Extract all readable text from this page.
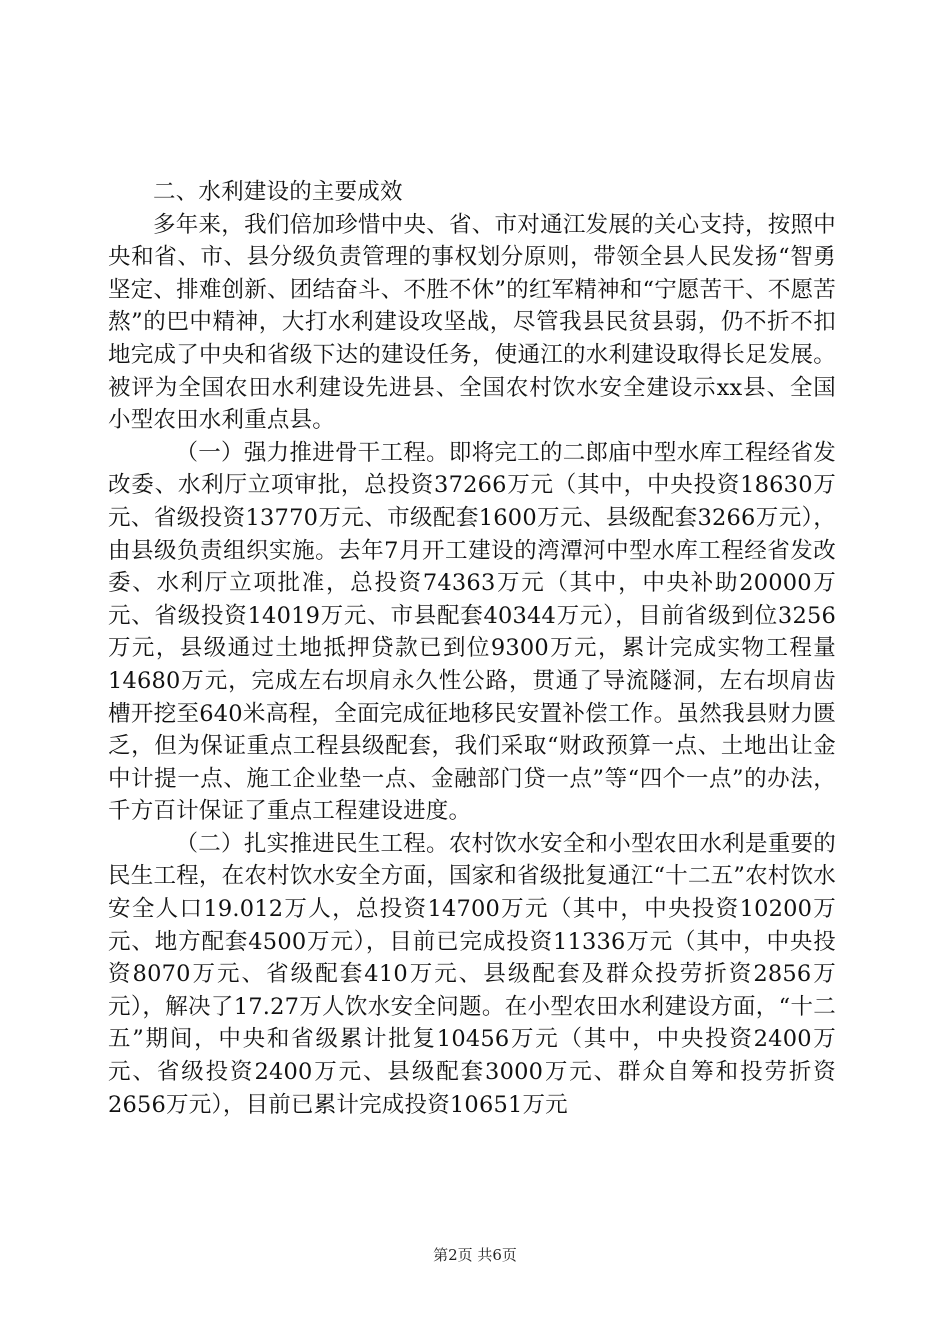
二、水利建设的主要成效

多年来，我们倍加珍惜中央、省、市对通江发展的关心支持，按照中央和省、市、县分级负责管理的事权划分原则，带领全县人民发扬“智勇坚定、排难创新、团结奋斗、不胜不休”的红军精神和“宁愿苦干、不愿苦熬”的巴中精神，大打水利建设攻坚战，尽管我县民贫县弱，仍不折不扣地完成了中央和省级下达的建设任务，使通江的水利建设取得长足发展。被评为全国农田水利建设先进县、全国农村饮水安全建设示xx县、全国小型农田水利重点县。

（一）强力推进骨干工程。即将完工的二郎庙中型水库工程经省发改委、水利厅立项审批，总投资37266万元（其中，中央投资18630万元、省级投资13770万元、市级配套1600万元、县级配套3266万元），由县级负责组织实施。去年7月开工建设的湾潭河中型水库工程经省发改委、水利厅立项批准，总投资74363万元（其中，中央补助20000万元、省级投资14019万元、市县配套40344万元），目前省级到位3256万元，县级通过土地抵押贷款已到位9300万元，累计完成实物工程量14680万元，完成左右坝肩永久性公路，贯通了导流隧洞，左右坝肩齿槽开挖至640米高程，全面完成征地移民安置补偿工作。虽然我县财力匮乏，但为保证重点工程县级配套，我们采取“财政预算一点、土地出让金中计提一点、施工企业垫一点、金融部门贷一点”等“四个一点”的办法，千方百计保证了重点工程建设进度。

（二）扎实推进民生工程。农村饮水安全和小型农田水利是重要的民生工程，在农村饮水安全方面，国家和省级批复通江“十二五”农村饮水安全人口19.012万人，总投资14700万元（其中，中央投资10200万元、地方配套4500万元），目前已完成投资11336万元（其中，中央投资8070万元、省级配套410万元、县级配套及群众投劳折资2856万元），解决了17.27万人饮水安全问题。在小型农田水利建设方面，“十二五”期间，中央和省级累计批复10456万元（其中，中央投资2400万元、省级投资2400万元、县级配套3000万元、群众自筹和投劳折资2656万元），目前已累计完成投资10651万元

第2页 共6页
